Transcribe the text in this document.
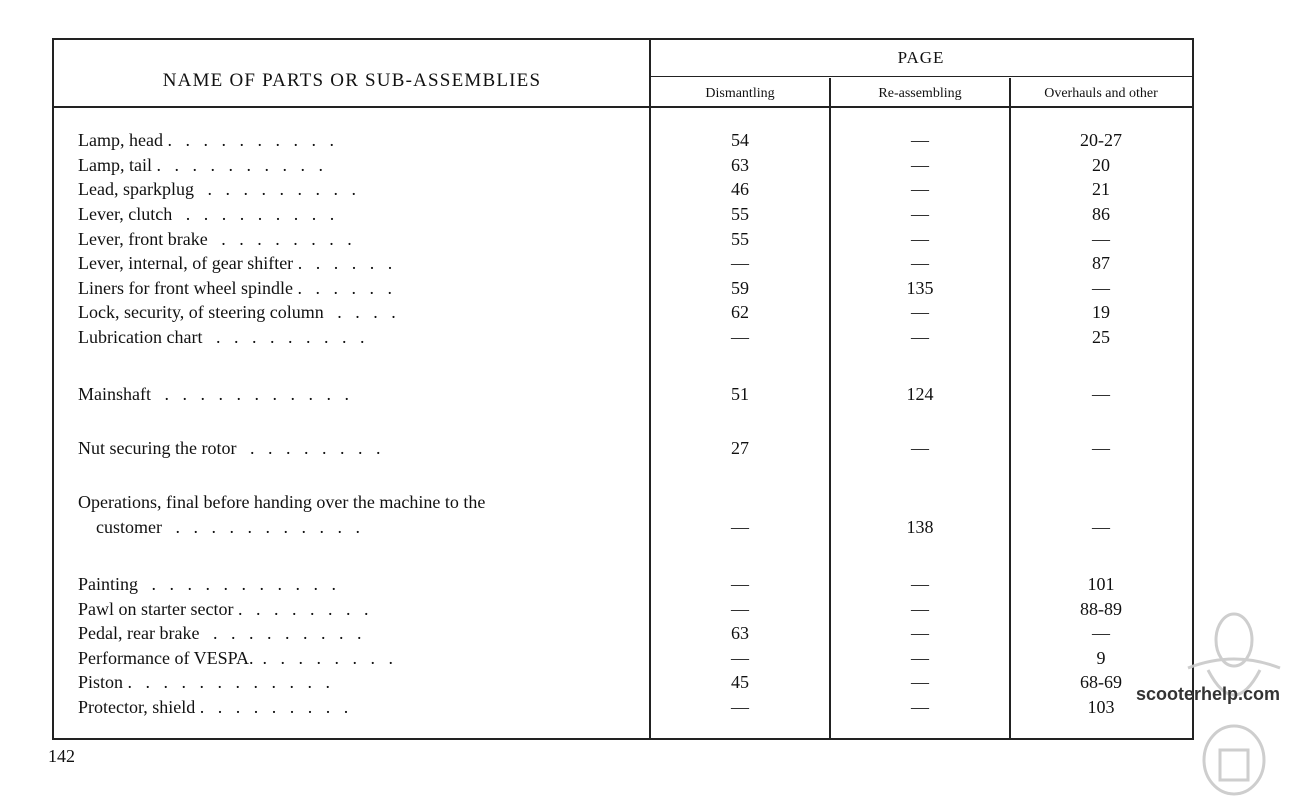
NAME OF PARTS OR SUB-ASSEMBLIES
PAGE
Dismantling	Re-assembling	Overhauls and other
Lamp, head .   .   .   .   .   .   .   .   .   .	54	—	20-27
Lamp, tail .   .   .   .   .   .   .   .   .   .	63	—	20
Lead, sparkplug   .   .   .   .   .   .   .   .   .	46	—	21
Lever, clutch   .   .   .   .   .   .   .   .   .	55	—	86
Lever, front brake   .   .   .   .   .   .   .   .	55	—	—
Lever, internal, of gear shifter .   .   .   .   .   .	—	—	87
Liners for front wheel spindle .   .   .   .   .   .	59	135	—
Lock, security, of steering column   .   .   .   .	62	—	19
Lubrication chart   .   .   .   .   .   .   .   .   .	—	—	25
Mainshaft   .   .   .   .   .   .   .   .   .   .   .	51	124	—
Nut securing the rotor   .   .   .   .   .   .   .   .	27	—	—
Operations, final before handing over the machine to the
customer   .   .   .   .   .   .   .   .   .   .   .	—	138	—
Painting   .   .   .   .   .   .   .   .   .   .   .	—	—	101
Pawl on starter sector .   .   .   .   .   .   .   .	—	—	88-89
Pedal, rear brake   .   .   .   .   .   .   .   .   .	63	—	—
Performance of VESPA.  .   .   .   .   .   .   .   .	—	—	9
Piston .   .   .   .   .   .   .   .   .   .   .   .	45	—	68-69
Protector, shield .   .   .   .   .   .   .   .   .	—	—	103
142
scooterhelp.com
